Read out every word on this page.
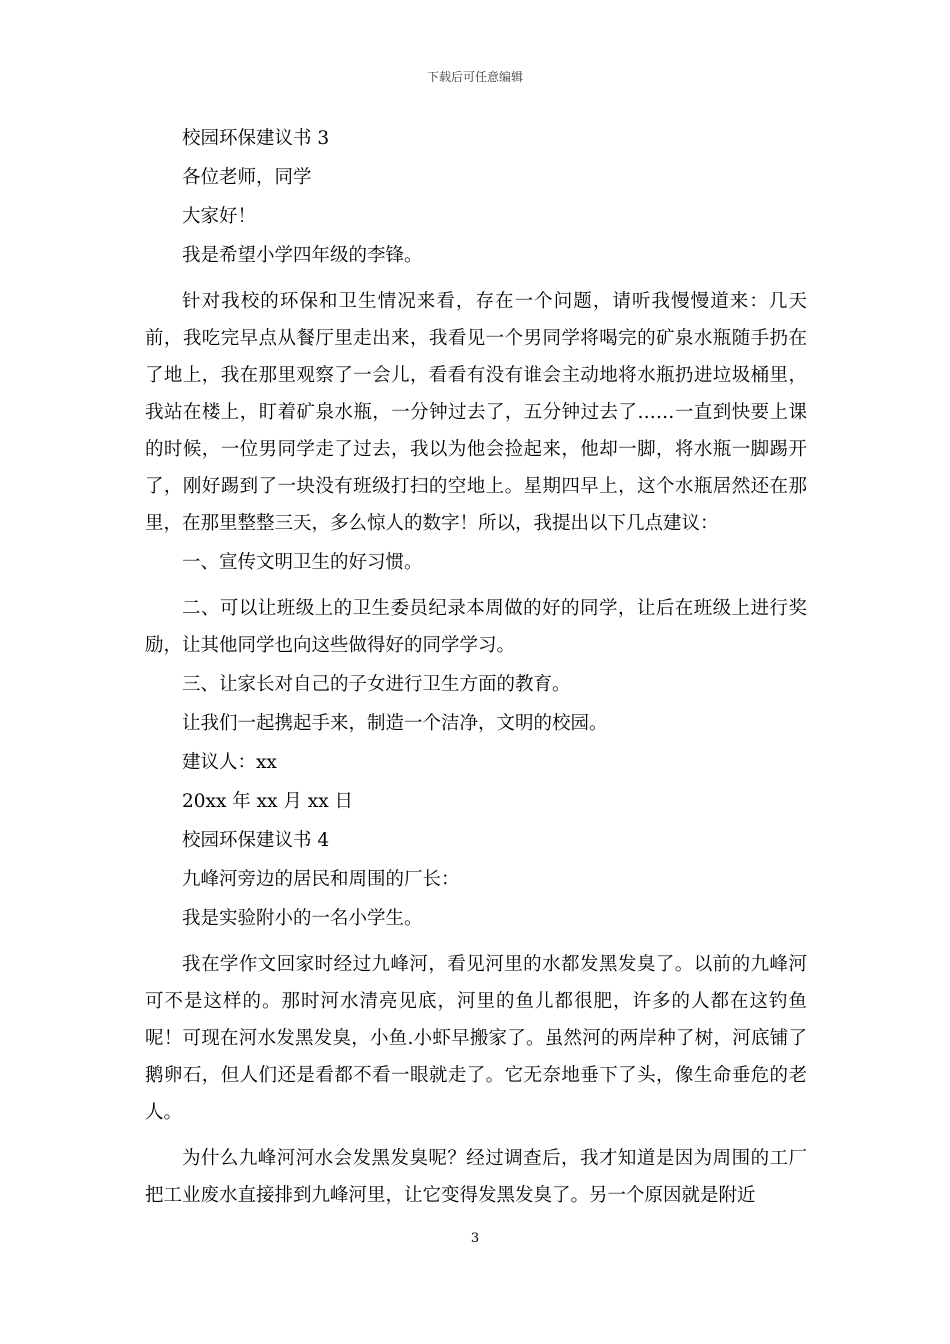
下载后可任意编辑

校园环保建议书 3

各位老师，同学

大家好！

我是希望小学四年级的李锋。

针对我校的环保和卫生情况来看，存在一个问题，请听我慢慢道来：几天前，我吃完早点从餐厅里走出来，我看见一个男同学将喝完的矿泉水瓶随手扔在了地上，我在那里观察了一会儿，看看有没有谁会主动地将水瓶扔进垃圾桶里，我站在楼上，盯着矿泉水瓶，一分钟过去了，五分钟过去了……一直到快要上课的时候，一位男同学走了过去，我以为他会捡起来，他却一脚，将水瓶一脚踢开了，刚好踢到了一块没有班级打扫的空地上。星期四早上，这个水瓶居然还在那里，在那里整整三天，多么惊人的数字！所以，我提出以下几点建议：

一、宣传文明卫生的好习惯。

二、可以让班级上的卫生委员纪录本周做的好的同学，让后在班级上进行奖励，让其他同学也向这些做得好的同学学习。

三、让家长对自己的子女进行卫生方面的教育。

让我们一起携起手来，制造一个洁净，文明的校园。

建议人：xx

20xx 年 xx 月 xx 日

校园环保建议书 4

九峰河旁边的居民和周围的厂长：

我是实验附小的一名小学生。

我在学作文回家时经过九峰河，看见河里的水都发黑发臭了。以前的九峰河可不是这样的。那时河水清亮见底，河里的鱼儿都很肥，许多的人都在这钓鱼呢！可现在河水发黑发臭，小鱼.小虾早搬家了。虽然河的两岸种了树，河底铺了鹅卵石，但人们还是看都不看一眼就走了。它无奈地垂下了头，像生命垂危的老人。

为什么九峰河河水会发黑发臭呢？经过调查后，我才知道是因为周围的工厂把工业废水直接排到九峰河里，让它变得发黑发臭了。另一个原因就是附近

3
